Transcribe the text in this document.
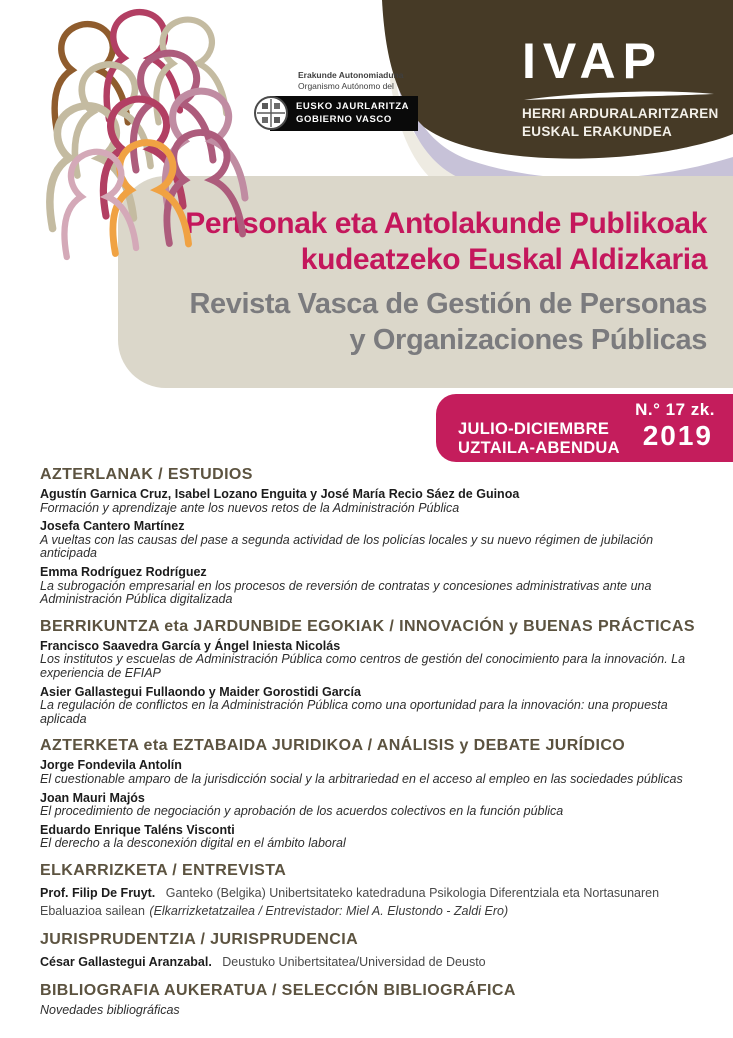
IVAP
HERRI ARDURALARITZAREN
EUSKAL ERAKUNDEA
Erakunde Autonomiaduna
Organismo Autónomo del
EUSKO JAURLARITZA
GOBIERNO VASCO
Pertsonak eta Antolakunde Publikoak
kudeatzeko Euskal Aldizkaria
Revista Vasca de Gestión de Personas
y Organizaciones Públicas
N.° 17 zk.
JULIO-DICIEMBRE
UZTAILA-ABENDUA 2019
AZTERLANAK / ESTUDIOS
Agustín Garnica Cruz, Isabel Lozano Enguita y José María Recio Sáez de Guinoa
Formación y aprendizaje ante los nuevos retos de la Administración Pública
Josefa Cantero Martínez
A vueltas con las causas del pase a segunda actividad de los policías locales y su nuevo régimen de jubilación anticipada
Emma Rodríguez Rodríguez
La subrogación empresarial en los procesos de reversión de contratas y concesiones administrativas ante una Administración Pública digitalizada
BERRIKUNTZA eta JARDUNBIDE EGOKIAK / INNOVACIÓN y BUENAS PRÁCTICAS
Francisco Saavedra García y Ángel Iniesta Nicolás
Los institutos y escuelas de Administración Pública como centros de gestión del conocimiento para la innovación. La experiencia de EFIAP
Asier Gallastegui Fullaondo y Maider Gorostidi García
La regulación de conflictos en la Administración Pública como una oportunidad para la innovación: una propuesta aplicada
AZTERKETA eta EZTABAIDA JURIDIKOA / ANÁLISIS y DEBATE JURÍDICO
Jorge Fondevila Antolín
El cuestionable amparo de la jurisdicción social y la arbitrariedad en el acceso al empleo en las sociedades públicas
Joan Mauri Majós
El procedimiento de negociación y aprobación de los acuerdos colectivos en la función pública
Eduardo Enrique Taléns Visconti
El derecho a la desconexión digital en el ámbito laboral
ELKARRIZKETA / ENTREVISTA
Prof. Filip De Fruyt. Ganteko (Belgika) Unibertsitateko katedraduna Psikologia Diferentziala eta Nortasunaren Ebaluazioa sailean (Elkarrizketatzailea / Entrevistador: Miel A. Elustondo - Zaldi Ero)
JURISPRUDENTZIA / JURISPRUDENCIA
César Gallastegui Aranzabal. Deustuko Unibertsitatea/Universidad de Deusto
BIBLIOGRAFIA AUKERATUA / SELECCIÓN BIBLIOGRÁFICA
Novedades bibliográficas
